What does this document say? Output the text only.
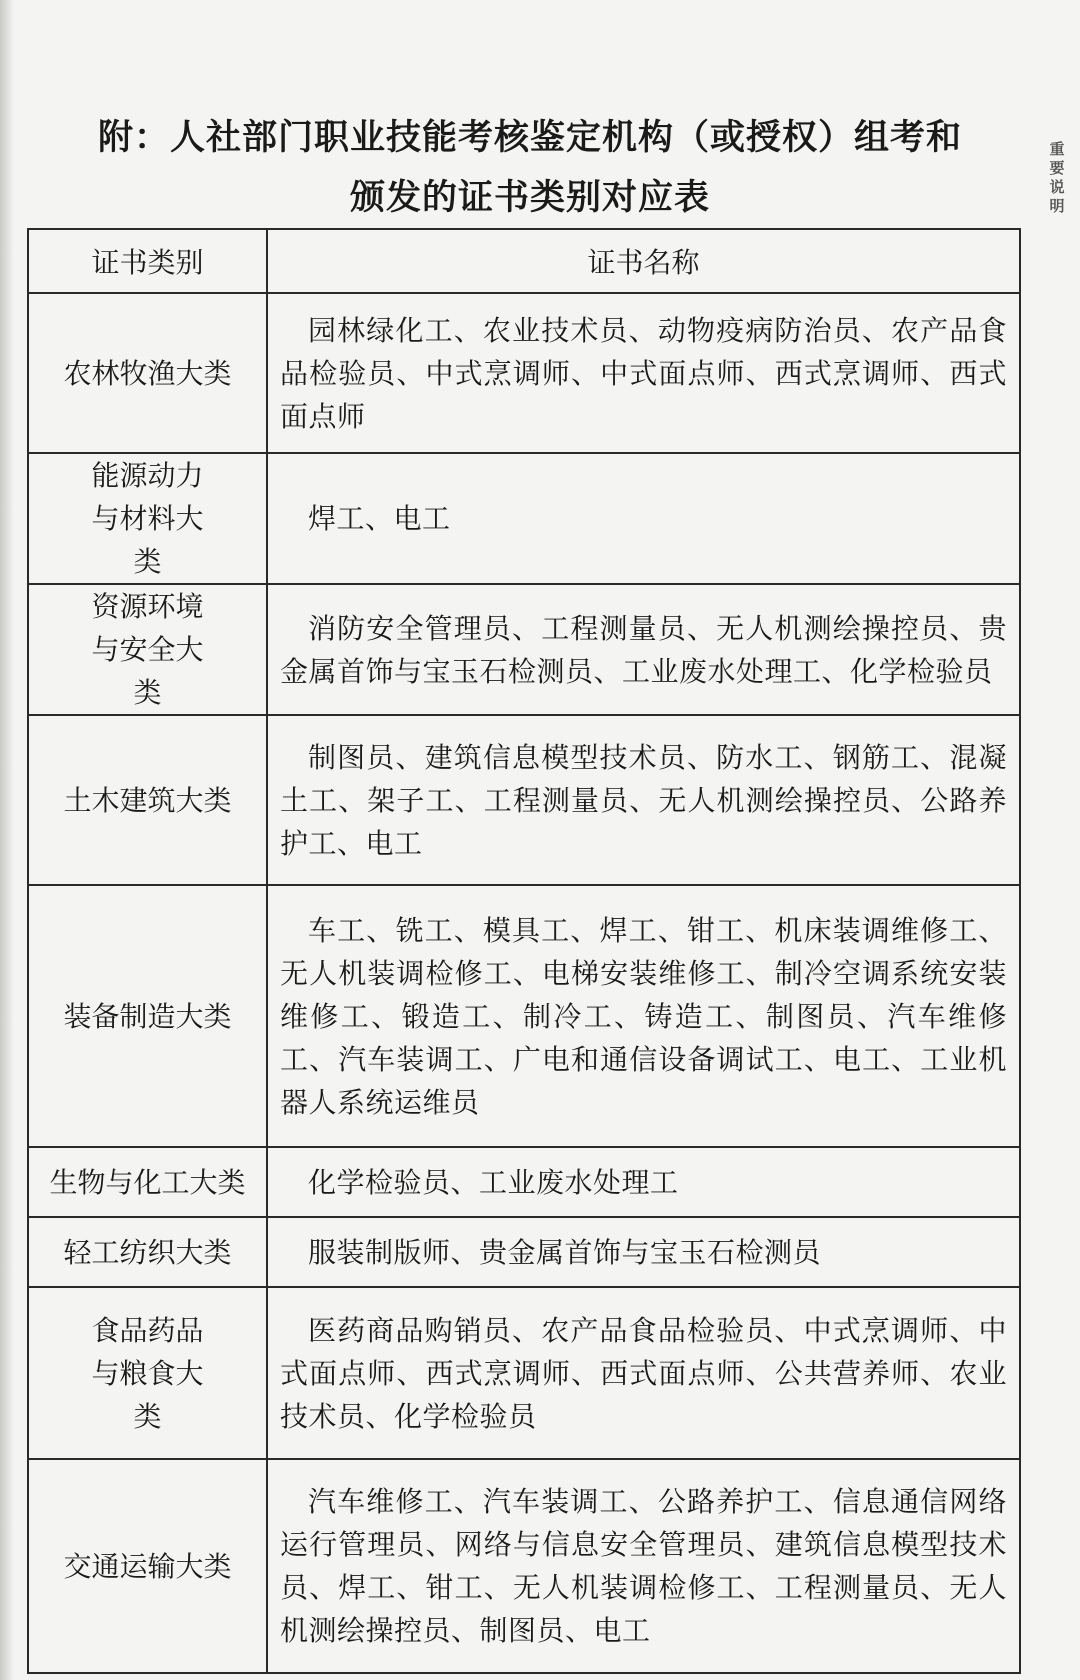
重
要
说
明
附：人社部门职业技能考核鉴定机构（或授权）组考和
颁发的证书类别对应表
证书类别	证书名称
农林牧渔大类	园林绿化工、农业技术员、动物疫病防治员、农产品食品检验员、中式烹调师、中式面点师、西式烹调师、西式面点师
能源动力与材料大类	焊工、电工
资源环境与安全大类	消防安全管理员、工程测量员、无人机测绘操控员、贵金属首饰与宝玉石检测员、工业废水处理工、化学检验员
土木建筑大类	制图员、建筑信息模型技术员、防水工、钢筋工、混凝土工、架子工、工程测量员、无人机测绘操控员、公路养护工、电工
装备制造大类	车工、铣工、模具工、焊工、钳工、机床装调维修工、无人机装调检修工、电梯安装维修工、制冷空调系统安装维修工、锻造工、制冷工、铸造工、制图员、汽车维修工、汽车装调工、广电和通信设备调试工、电工、工业机器人系统运维员
生物与化工大类	化学检验员、工业废水处理工
轻工纺织大类	服装制版师、贵金属首饰与宝玉石检测员
食品药品与粮食大类	医药商品购销员、农产品食品检验员、中式烹调师、中式面点师、西式烹调师、西式面点师、公共营养师、农业技术员、化学检验员
交通运输大类	汽车维修工、汽车装调工、公路养护工、信息通信网络运行管理员、网络与信息安全管理员、建筑信息模型技术员、焊工、钳工、无人机装调检修工、工程测量员、无人机测绘操控员、制图员、电工
